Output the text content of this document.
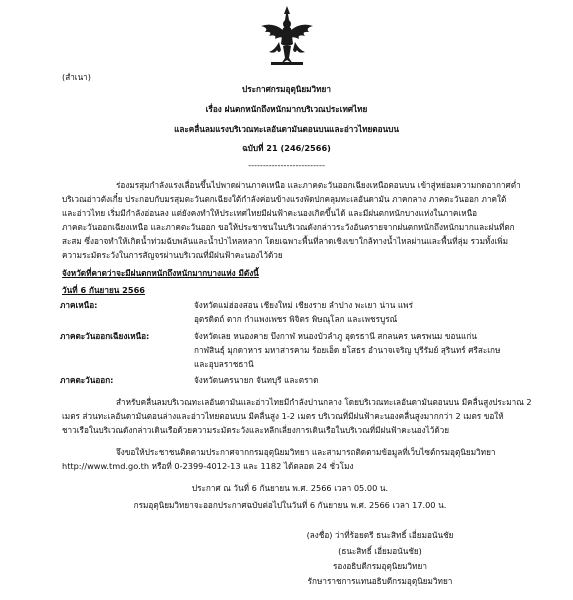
(สำเนา)
ประกาศกรมอุตุนิยมวิทยา
เรื่อง ฝนตกหนักถึงหนักมากบริเวณประเทศไทย
และคลื่นลมแรงบริเวณทะเลอันดามันตอนบนและอ่าวไทยตอนบน
ฉบับที่ 21 (246/2566)
--------------------------
ร่องมรสุมกำลังแรงเลื่อนขึ้นไปพาดผ่านภาคเหนือ และภาคตะวันออกเฉียงเหนือตอนบน เข้าสู่หย่อมความกดอากาศต่ำ
บริเวณอ่าวตังเกี๋ย ประกอบกับมรสุมตะวันตกเฉียงใต้กำลังค่อนข้างแรงพัดปกคลุมทะเลอันดามัน ภาคกลาง ภาคตะวันออก ภาคใต้
และอ่าวไทย เริ่มมีกำลังอ่อนลง แต่ยังคงทำให้ประเทศไทยมีฝนฟ้าคะนองเกิดขึ้นได้ และมีฝนตกหนักบางแห่งในภาคเหนือ
ภาคตะวันออกเฉียงเหนือ และภาคตะวันออก ขอให้ประชาชนในบริเวณดังกล่าวระวังอันตรายจากฝนตกหนักถึงหนักมากและฝนที่ตก
สะสม ซึ่งอาจทำให้เกิดน้ำท่วมฉับพลันและน้ำป่าไหลหลาก โดยเฉพาะพื้นที่ลาดเชิงเขาใกล้ทางน้ำไหลผ่านและพื้นที่ลุ่ม รวมทั้งเพิ่ม
ความระมัดระวังในการสัญจรผ่านบริเวณที่มีฝนฟ้าคะนองไว้ด้วย
จังหวัดที่คาดว่าจะมีฝนตกหนักถึงหนักมากบางแห่ง มีดังนี้
วันที่ 6 กันยายน 2566
ภาคเหนือ:	จังหวัดแม่ฮ่องสอน เชียงใหม่ เชียงราย ลำปาง พะเยา น่าน แพร่
อุตรดิตถ์ ตาก กำแพงเพชร พิจิตร พิษณุโลก และเพชรบูรณ์
ภาคตะวันออกเฉียงเหนือ:	จังหวัดเลย หนองคาย บึงกาฬ หนองบัวลำภู อุดรธานี สกลนคร นครพนม ขอนแก่น
กาฬสินธุ์ มุกดาหาร มหาสารคาม ร้อยเอ็ด ยโสธร อำนาจเจริญ บุรีรัมย์ สุรินทร์ ศรีสะเกษ
และอุบลราชธานี
ภาคตะวันออก:	จังหวัดนครนายก จันทบุรี และตราด
สำหรับคลื่นลมบริเวณทะเลอันดามันและอ่าวไทยมีกำลังปานกลาง โดยบริเวณทะเลอันดามันตอนบน มีคลื่นสูงประมาณ 2
เมตร ส่วนทะเลอันดามันตอนล่างและอ่าวไทยตอนบน มีคลื่นสูง 1-2 เมตร บริเวณที่มีฝนฟ้าคะนองคลื่นสูงมากกว่า 2 เมตร ขอให้
ชาวเรือในบริเวณดังกล่าวเดินเรือด้วยความระมัดระวังและหลีกเลี่ยงการเดินเรือในบริเวณที่มีฝนฟ้าคะนองไว้ด้วย
จึงขอให้ประชาชนติดตามประกาศจากกรมอุตุนิยมวิทยา และสามารถติดตามข้อมูลที่เว็บไซต์กรมอุตุนิยมวิทยา
http://www.tmd.go.th หรือที่ 0-2399-4012-13 และ 1182 ได้ตลอด 24 ชั่วโมง
ประกาศ ณ วันที่ 6 กันยายน พ.ศ. 2566 เวลา 05.00 น.
กรมอุตุนิยมวิทยาจะออกประกาศฉบับต่อไปในวันที่ 6 กันยายน พ.ศ. 2566 เวลา 17.00 น.
(ลงชื่อ) ว่าที่ร้อยตรี ธนะสิทธิ์ เอี่ยมอนันชัย
(ธนะสิทธิ์ เอี่ยมอนันชัย)
รองอธิบดีกรมอุตุนิยมวิทยา
รักษาราชการแทนอธิบดีกรมอุตุนิยมวิทยา
